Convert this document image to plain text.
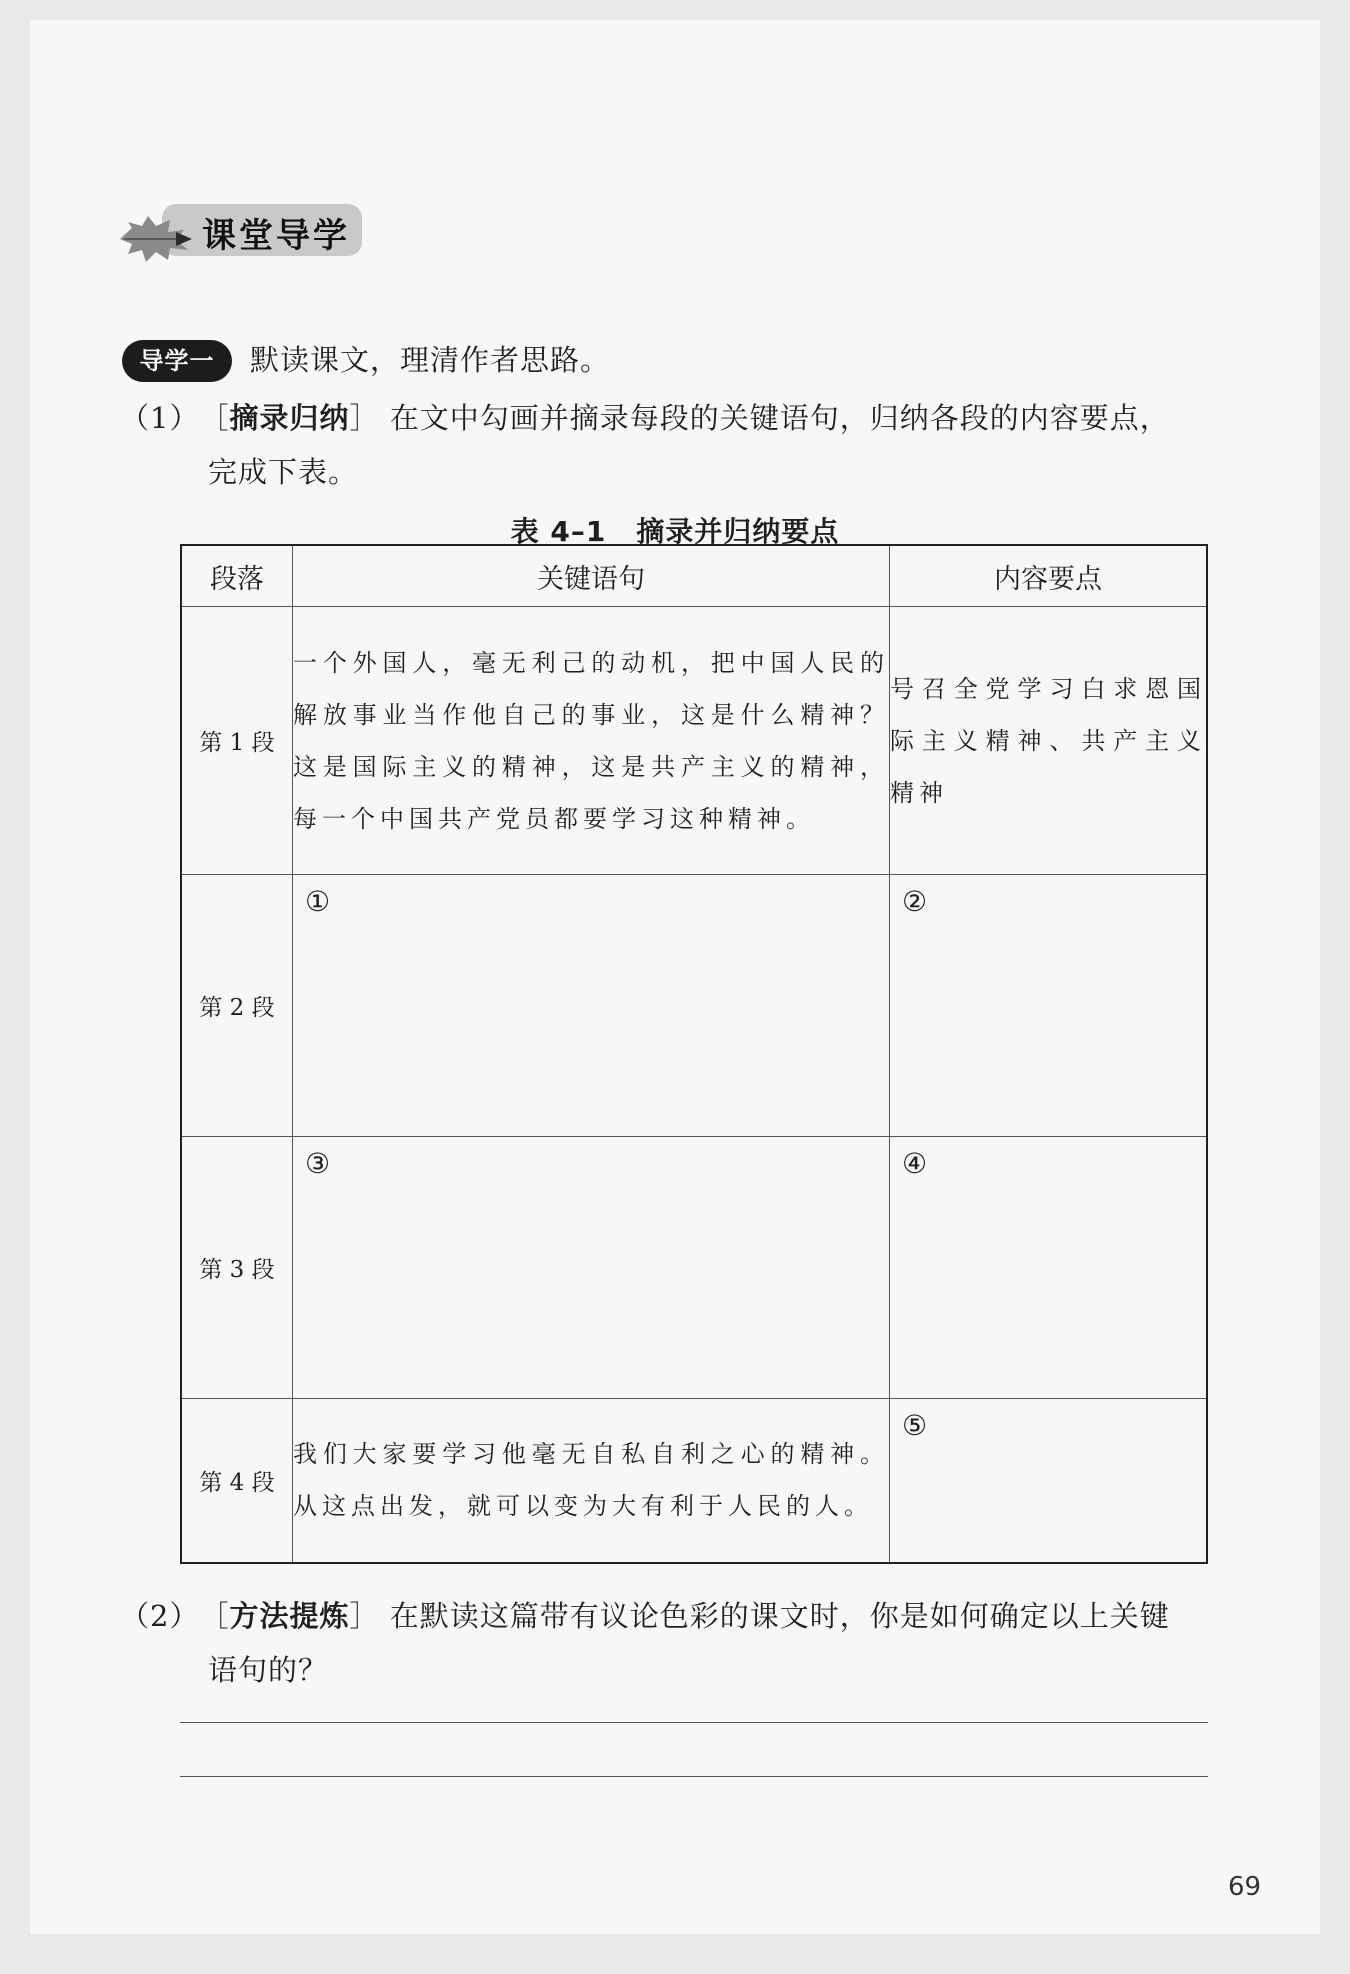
课堂导学
导学一	默读课文，理清作者思路。
（1）［摘录归纳］ 在文中勾画并摘录每段的关键语句，归纳各段的内容要点，
完成下表。
表 4–1 摘录并归纳要点
段落	关键语句	内容要点
第 1 段	一个外国人，毫无利己的动机，把中国人民的解放事业当作他自己的事业，这是什么精神？这是国际主义的精神，这是共产主义的精神，每一个中国共产党员都要学习这种精神。	号召全党学习白求恩国际主义精神、共产主义精神
第 2 段	①	②
第 3 段	③	④
第 4 段	我们大家要学习他毫无自私自利之心的精神。从这点出发，就可以变为大有利于人民的人。	⑤
（2）［方法提炼］ 在默读这篇带有议论色彩的课文时，你是如何确定以上关键
语句的？
69
